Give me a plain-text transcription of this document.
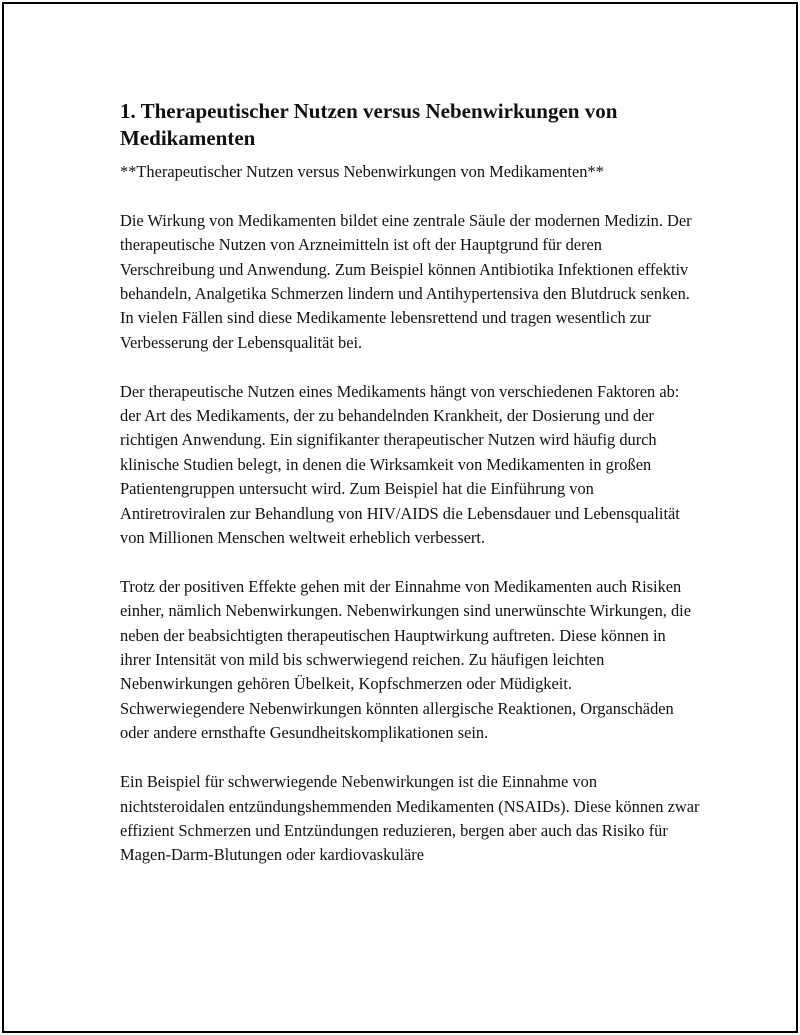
1. Therapeutischer Nutzen versus Nebenwirkungen von Medikamenten

**Therapeutischer Nutzen versus Nebenwirkungen von Medikamenten**

Die Wirkung von Medikamenten bildet eine zentrale Säule der modernen Medizin. Der therapeutische Nutzen von Arzneimitteln ist oft der Hauptgrund für deren Verschreibung und Anwendung. Zum Beispiel können Antibiotika Infektionen effektiv behandeln, Analgetika Schmerzen lindern und Antihypertensiva den Blutdruck senken. In vielen Fällen sind diese Medikamente lebensrettend und tragen wesentlich zur Verbesserung der Lebensqualität bei.

Der therapeutische Nutzen eines Medikaments hängt von verschiedenen Faktoren ab: der Art des Medikaments, der zu behandelnden Krankheit, der Dosierung und der richtigen Anwendung. Ein signifikanter therapeutischer Nutzen wird häufig durch klinische Studien belegt, in denen die Wirksamkeit von Medikamenten in großen Patientengruppen untersucht wird. Zum Beispiel hat die Einführung von Antiretroviralen zur Behandlung von HIV/AIDS die Lebensdauer und Lebensqualität von Millionen Menschen weltweit erheblich verbessert.

Trotz der positiven Effekte gehen mit der Einnahme von Medikamenten auch Risiken einher, nämlich Nebenwirkungen. Nebenwirkungen sind unerwünschte Wirkungen, die neben der beabsichtigten therapeutischen Hauptwirkung auftreten. Diese können in ihrer Intensität von mild bis schwerwiegend reichen. Zu häufigen leichten Nebenwirkungen gehören Übelkeit, Kopfschmerzen oder Müdigkeit. Schwerwiegendere Nebenwirkungen könnten allergische Reaktionen, Organschäden oder andere ernsthafte Gesundheitskomplikationen sein.

Ein Beispiel für schwerwiegende Nebenwirkungen ist die Einnahme von nichtsteroidalen entzündungshemmenden Medikamenten (NSAIDs). Diese können zwar effizient Schmerzen und Entzündungen reduzieren, bergen aber auch das Risiko für Magen-Darm-Blutungen oder kardiovaskuläre
